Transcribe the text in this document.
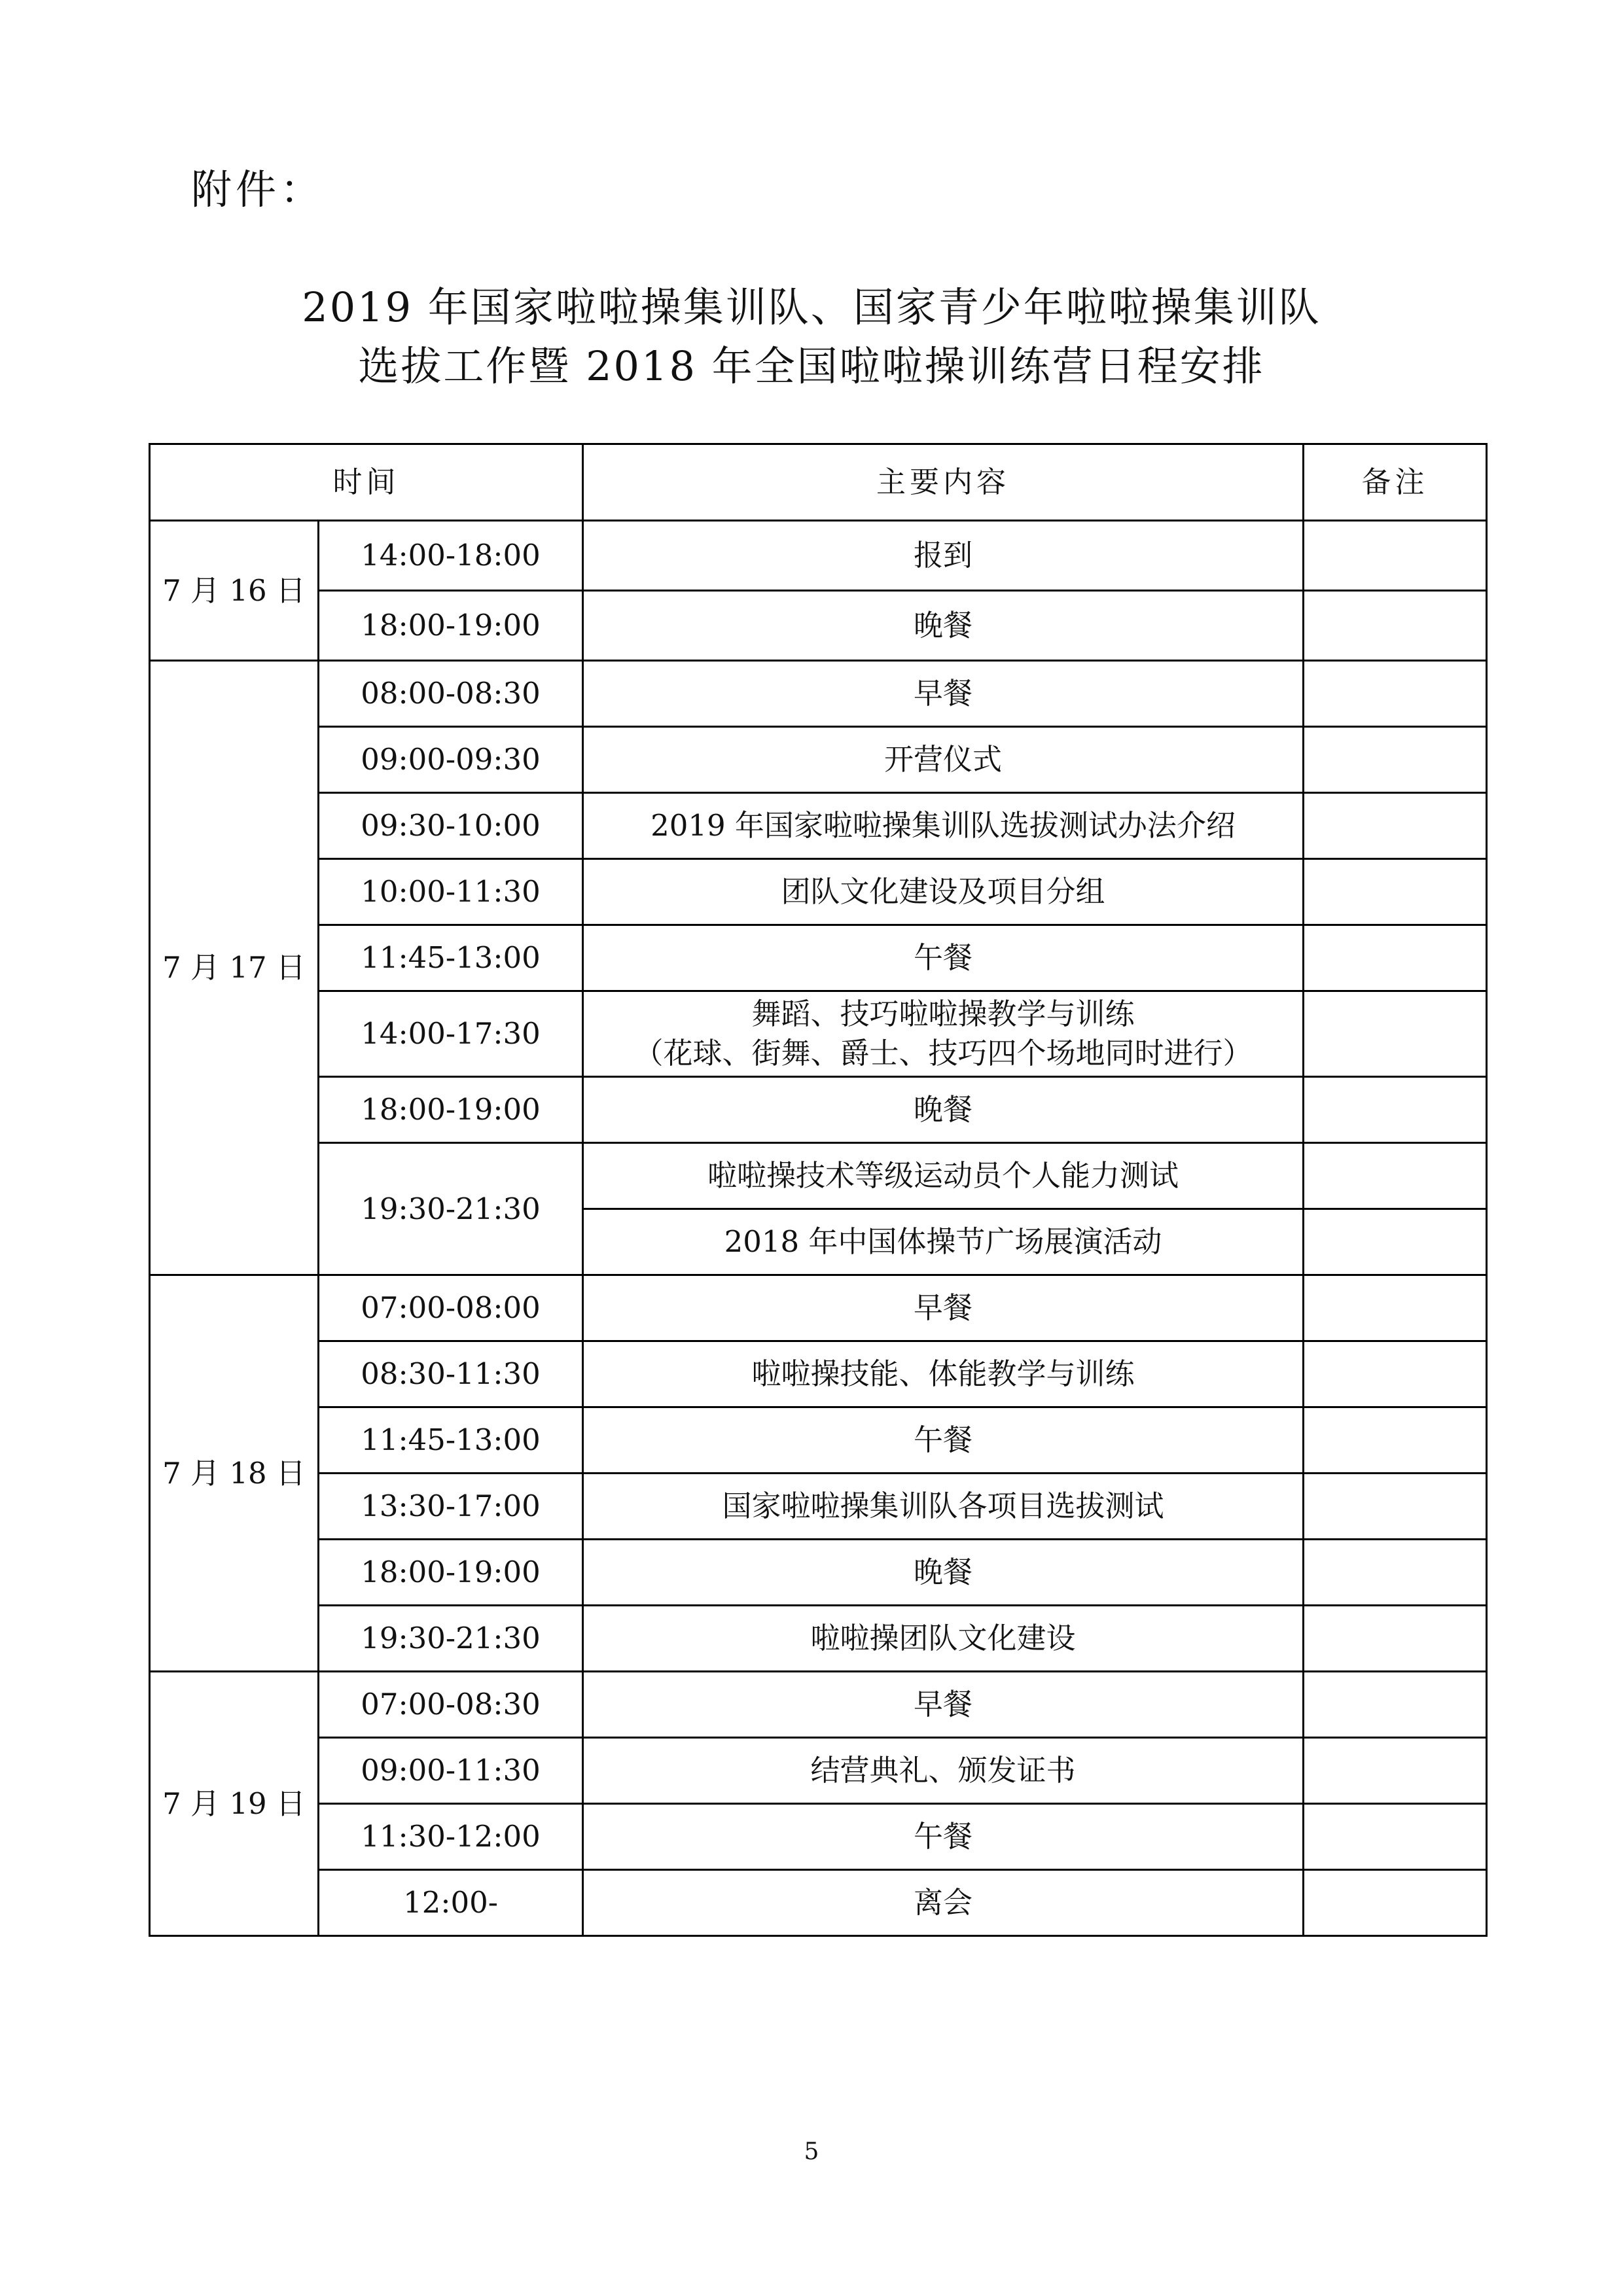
附件：
2019 年国家啦啦操集训队、国家青少年啦啦操集训队
选拔工作暨 2018 年全国啦啦操训练营日程安排
时间		主要内容	备注
7 月 16 日	14:00-18:00	报到	
	18:00-19:00	晚餐	
7 月 17 日	08:00-08:30	早餐	
	09:00-09:30	开营仪式	
	09:30-10:00	2019 年国家啦啦操集训队选拔测试办法介绍	
	10:00-11:30	团队文化建设及项目分组	
	11:45-13:00	午餐	
	14:00-17:30	舞蹈、技巧啦啦操教学与训练
（花球、街舞、爵士、技巧四个场地同时进行）	

	18:00-19:00	晚餐	
	19:30-21:30	啦啦操技术等级运动员个人能力测试	
		2018 年中国体操节广场展演活动	
7 月 18 日	07:00-08:00	早餐	
	08:30-11:30	啦啦操技能、体能教学与训练	
	11:45-13:00	午餐	
	13:30-17:00	国家啦啦操集训队各项目选拔测试	
	18:00-19:00	晚餐	
	19:30-21:30	啦啦操团队文化建设	
7 月 19 日	07:00-08:30	早餐	
	09:00-11:30	结营典礼、颁发证书	
	11:30-12:00	午餐	
	12:00-	离会	
5
